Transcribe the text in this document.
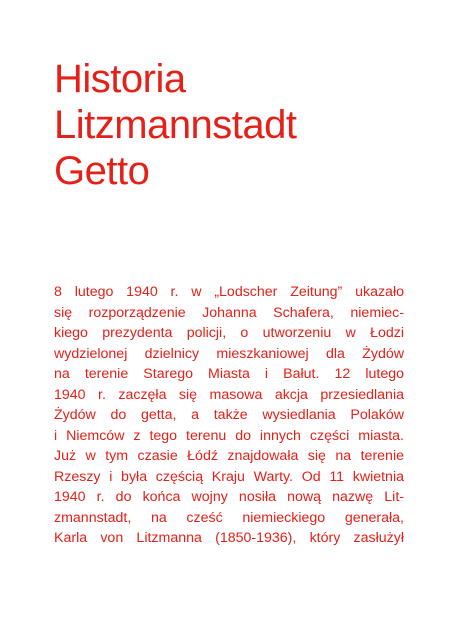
Historia
Litzmannstadt
Getto
8 lutego 1940 r. w „Lodscher Zeitung” ukazało
się rozporządzenie Johanna Schafera, niemiec-
kiego prezydenta policji, o utworzeniu w Łodzi
wydzielonej dzielnicy mieszkaniowej dla Żydów
na terenie Starego Miasta i Bałut. 12 lutego
1940 r. zaczęła się masowa akcja przesiedlania
Żydów do getta, a także wysiedlania Polaków
i Niemców z tego terenu do innych części miasta.
Już w tym czasie Łódź znajdowała się na terenie
Rzeszy i była częścią Kraju Warty. Od 11 kwietnia
1940 r. do końca wojny nosiła nową nazwę Lit-
zmannstadt, na cześć niemieckiego generała,
Karla von Litzmanna (1850-1936), który zasłużył
